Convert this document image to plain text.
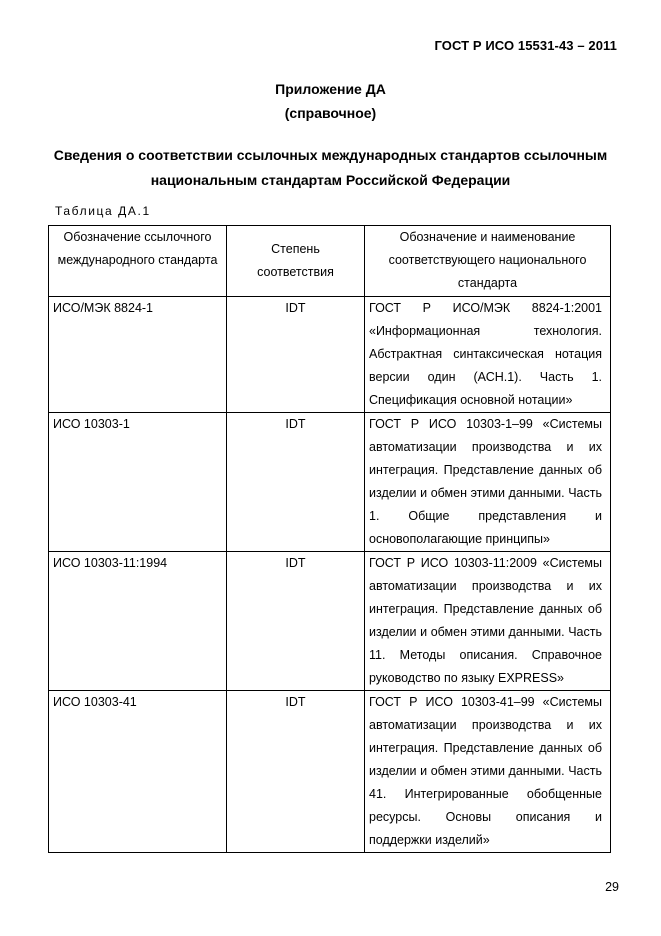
ГОСТ Р ИСО 15531-43 – 2011
Приложение ДА
(справочное)
Сведения о соответствии ссылочных международных стандартов ссылочным
национальным стандартам Российской Федерации
Таблица ДА.1
Обозначение ссылочного международного стандарта	Степень соответствия	Обозначение и наименование соответствующего национального стандарта
ИСО/МЭК 8824-1	IDT	ГОСТ Р ИСО/МЭК 8824-1:2001 «Информационная технология. Абстрактная синтаксическая нотация версии один (АСН.1). Часть 1. Спецификация основной нотации»
ИСО 10303-1	IDT	ГОСТ Р ИСО 10303-1–99 «Системы автоматизации производства и их интеграция. Представление данных об изделии и обмен этими данными. Часть 1. Общие представления и основополагающие принципы»
ИСО 10303-11:1994	IDT	ГОСТ Р ИСО 10303-11:2009 «Системы автоматизации производства и их интеграция. Представление данных об изделии и обмен этими данными. Часть 11. Методы описания. Справочное руководство по языку EXPRESS»
ИСО 10303-41	IDT	ГОСТ Р ИСО 10303-41–99 «Системы автоматизации производства и их интеграция. Представление данных об изделии и обмен этими данными. Часть 41. Интегрированные обобщенные ресурсы. Основы описания и поддержки изделий»
29
